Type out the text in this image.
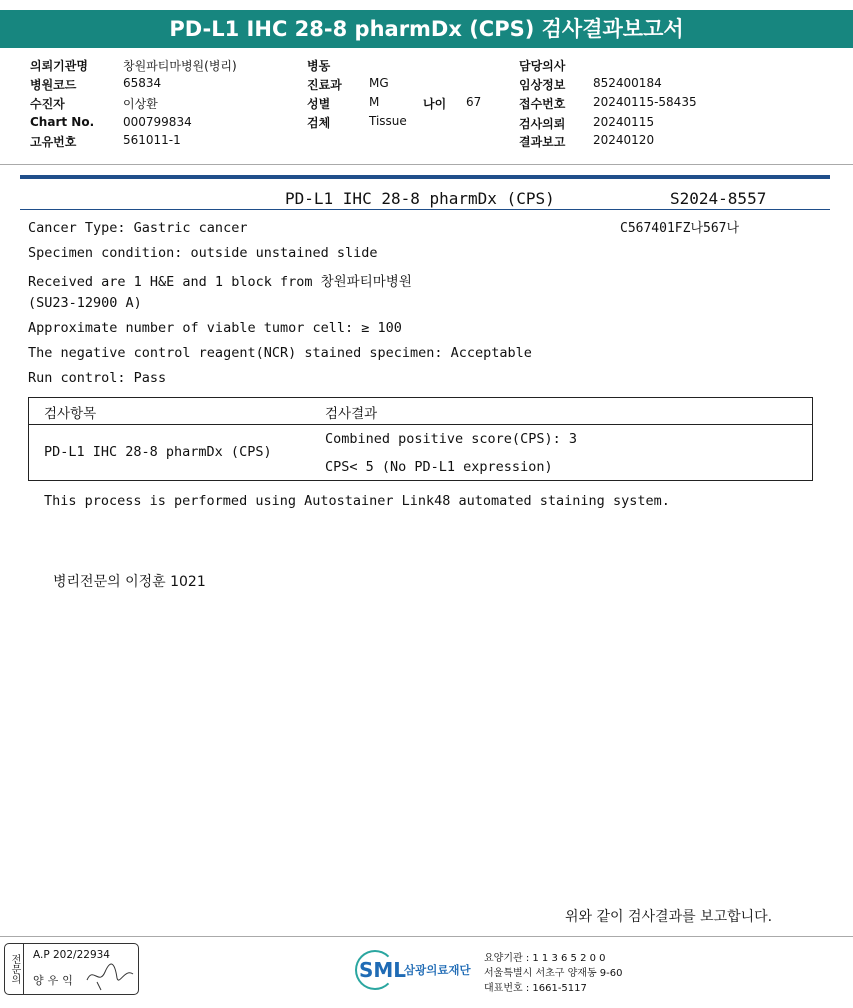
PD-L1 IHC 28-8 pharmDx (CPS) 검사결과보고서
의뢰기관명	창원파티마병원(병리)
병원코드	65834
수진자	이상환
Chart No. 000799834
고유번호	561011-1
병동
진료과 MG
성별	M	나이 67
검체	Tissue
담당의사
임상정보 852400184
접수번호 20240115-58435
검사의뢰 20240115
결과보고 20240120
PD-L1 IHC 28-8 pharmDx (CPS)	S2024-8557
C567401FZ나567나
Cancer Type: Gastric cancer
Specimen condition: outside unstained slide
Received are 1 H&E and 1 block from 창원파티마병원
(SU23-12900 A)
Approximate number of viable tumor cell: ≥ 100
The negative control reagent(NCR) stained specimen: Acceptable
Run control: Pass
검사항목	검사결과
PD-L1 IHC 28-8 pharmDx (CPS)
Combined positive score(CPS): 3
CPS< 5 (No PD-L1 expression)
This process is performed using Autostainer Link48 automated staining system.
병리전문의 이정훈 1021
위와 같이 검사결과를 보고합니다.
전문의	A.P 202/22934
양우익	SML
삼광의료재단
요양기관 : 1 1 3 6 5 2 0 0
서울특별시 서초구 양재동 9-60
대표번호 : 1661-5117
